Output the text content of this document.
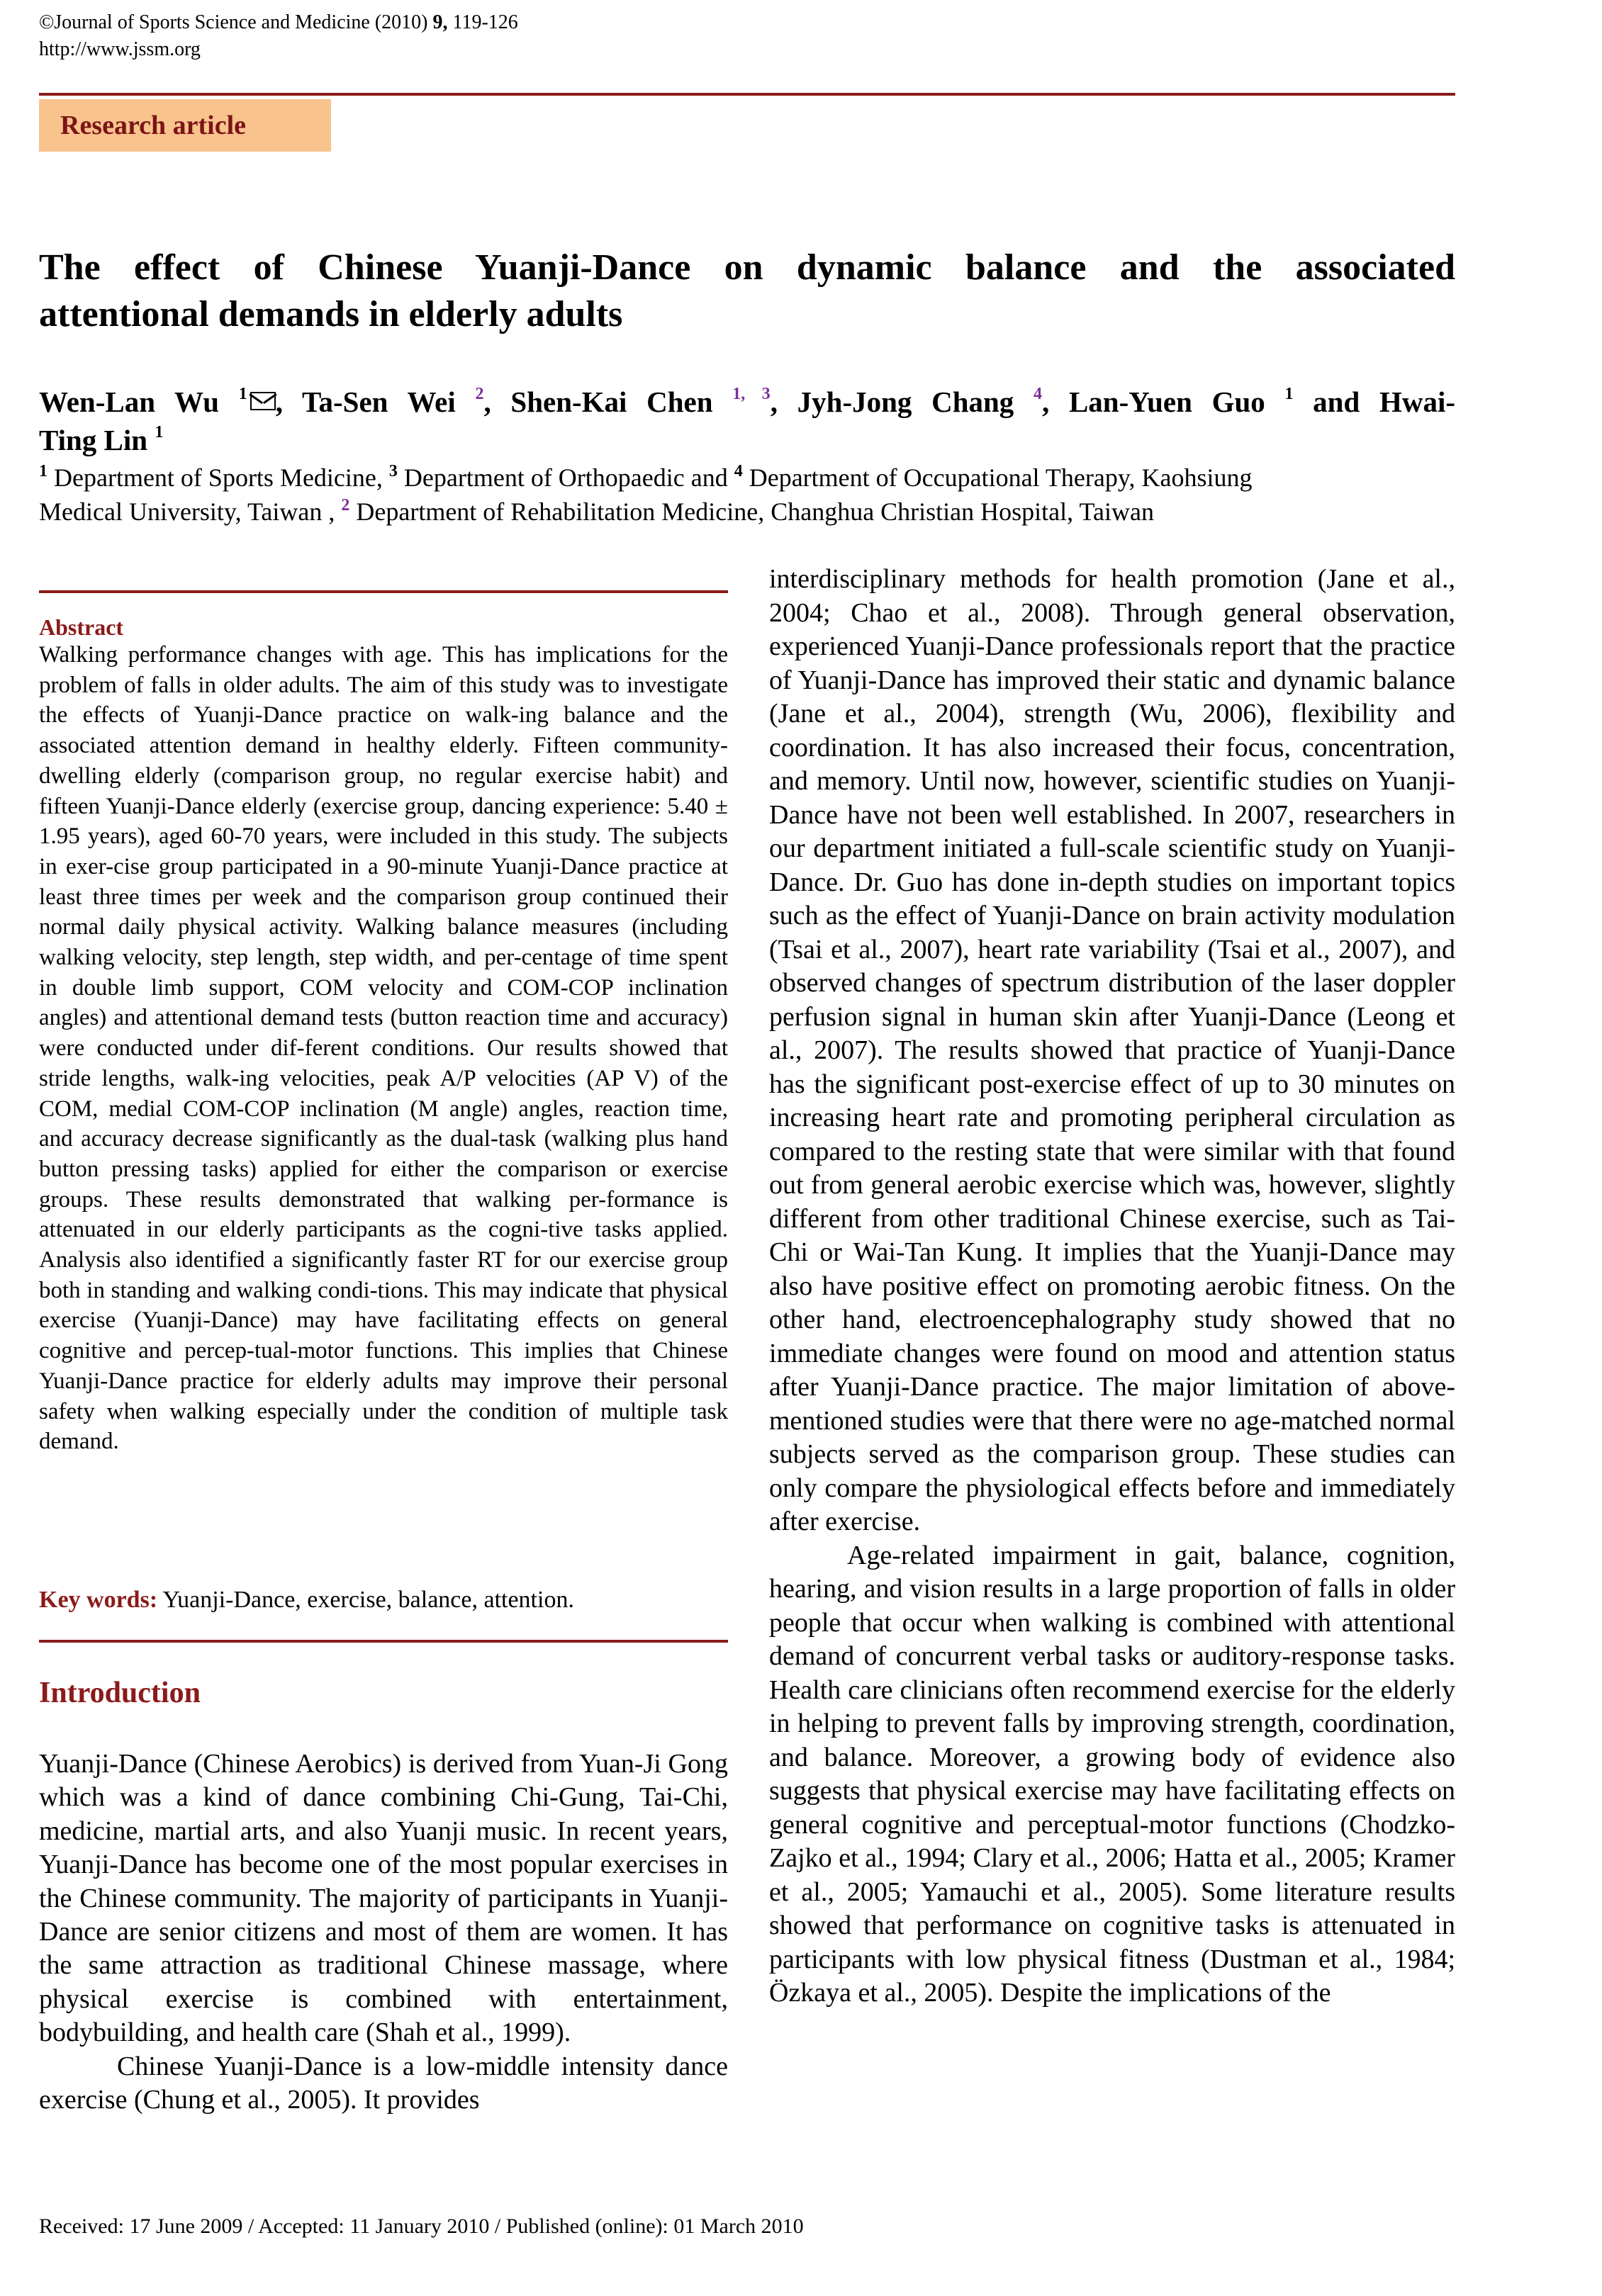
©Journal of Sports Science and Medicine (2010) 9, 119-126
http://www.jssm.org
Research article
The effect of Chinese Yuanji-Dance on dynamic balance and the associated
attentional demands in elderly adults
Wen-Lan Wu $^1$ , Ta-Sen Wei $^2$, Shen-Kai Chen $^{1, 3}$, Jyh-Jong Chang $^4$, Lan-Yuen Guo $^1$ and Hwai-
Ting Lin $^1$
$^1$ Department of Sports Medicine, $^3$ Department of Orthopaedic and $^4$ Department of Occupational Therapy, Kaohsiung
Medical University, Taiwan , $^2$ Department of Rehabilitation Medicine, Changhua Christian Hospital, Taiwan
Abstract
Walking performance changes with age. This has implications for the problem of falls in older adults. The aim of this study was to investigate the effects of Yuanji-Dance practice on walk-ing balance and the associated attention demand in healthy elderly. Fifteen community-dwelling elderly (comparison group, no regular exercise habit) and fifteen Yuanji-Dance elderly (exercise group, dancing experience: 5.40 ± 1.95 years), aged 60-70 years, were included in this study. The subjects in exer-cise group participated in a 90-minute Yuanji-Dance practice at least three times per week and the comparison group continued their normal daily physical activity. Walking balance measures (including walking velocity, step length, step width, and per-centage of time spent in double limb support, COM velocity and COM-COP inclination angles) and attentional demand tests (button reaction time and accuracy) were conducted under dif-ferent conditions. Our results showed that stride lengths, walk-ing velocities, peak A/P velocities (AP V) of the COM, medial COM-COP inclination (M angle) angles, reaction time, and accuracy decrease significantly as the dual-task (walking plus hand button pressing tasks) applied for either the comparison or exercise groups. These results demonstrated that walking per-formance is attenuated in our elderly participants as the cogni-tive tasks applied. Analysis also identified a significantly faster RT for our exercise group both in standing and walking condi-tions. This may indicate that physical exercise (Yuanji-Dance) may have facilitating effects on general cognitive and percep-tual-motor functions. This implies that Chinese Yuanji-Dance practice for elderly adults may improve their personal safety when walking especially under the condition of multiple task demand.
Key words: Yuanji-Dance, exercise, balance, attention.
Introduction

Yuanji-Dance (Chinese Aerobics) is derived from Yuan-Ji Gong which was a kind of dance combining Chi-Gung, Tai-Chi, medicine, martial arts, and also Yuanji music. In recent years, Yuanji-Dance has become one of the most popular exercises in the Chinese community. The majority of participants in Yuanji-Dance are senior citizens and most of them are women. It has the same attraction as traditional Chinese massage, where physical exercise is combined with entertainment, bodybuilding, and health care (Shah et al., 1999).

Chinese Yuanji-Dance is a low-middle intensity dance exercise (Chung et al., 2005). It provides

interdisciplinary methods for health promotion (Jane et al., 2004; Chao et al., 2008). Through general observation, experienced Yuanji-Dance professionals report that the practice of Yuanji-Dance has improved their static and dynamic balance (Jane et al., 2004), strength (Wu, 2006), flexibility and coordination. It has also increased their focus, concentration, and memory. Until now, however, scientific studies on Yuanji-Dance have not been well established. In 2007, researchers in our department initiated a full-scale scientific study on Yuanji-Dance. Dr. Guo has done in-depth studies on important topics such as the effect of Yuanji-Dance on brain activity modulation (Tsai et al., 2007), heart rate variability (Tsai et al., 2007), and observed changes of spectrum distribution of the laser doppler perfusion signal in human skin after Yuanji-Dance (Leong et al., 2007). The results showed that practice of Yuanji-Dance has the significant post-exercise effect of up to 30 minutes on increasing heart rate and promoting peripheral circulation as compared to the resting state that were similar with that found out from general aerobic exercise which was, however, slightly different from other traditional Chinese exercise, such as Tai-Chi or Wai-Tan Kung. It implies that the Yuanji-Dance may also have positive effect on promoting aerobic fitness. On the other hand, electroencephalography study showed that no immediate changes were found on mood and attention status after Yuanji-Dance practice. The major limitation of above-mentioned studies were that there were no age-matched normal subjects served as the comparison group. These studies can only compare the physiological effects before and immediately after exercise.

Age-related impairment in gait, balance, cognition, hearing, and vision results in a large proportion of falls in older people that occur when walking is combined with attentional demand of concurrent verbal tasks or auditory-response tasks. Health care clinicians often recommend exercise for the elderly in helping to prevent falls by improving strength, coordination, and balance. Moreover, a growing body of evidence also suggests that physical exercise may have facilitating effects on general cognitive and perceptual-motor functions (Chodzko-Zajko et al., 1994; Clary et al., 2006; Hatta et al., 2005; Kramer et al., 2005; Yamauchi et al., 2005). Some literature results showed that performance on cognitive tasks is attenuated in participants with low physical fitness (Dustman et al., 1984; Özkaya et al., 2005). Despite the implications of the

Received: 17 June 2009 / Accepted: 11 January 2010 / Published (online): 01 March 2010
